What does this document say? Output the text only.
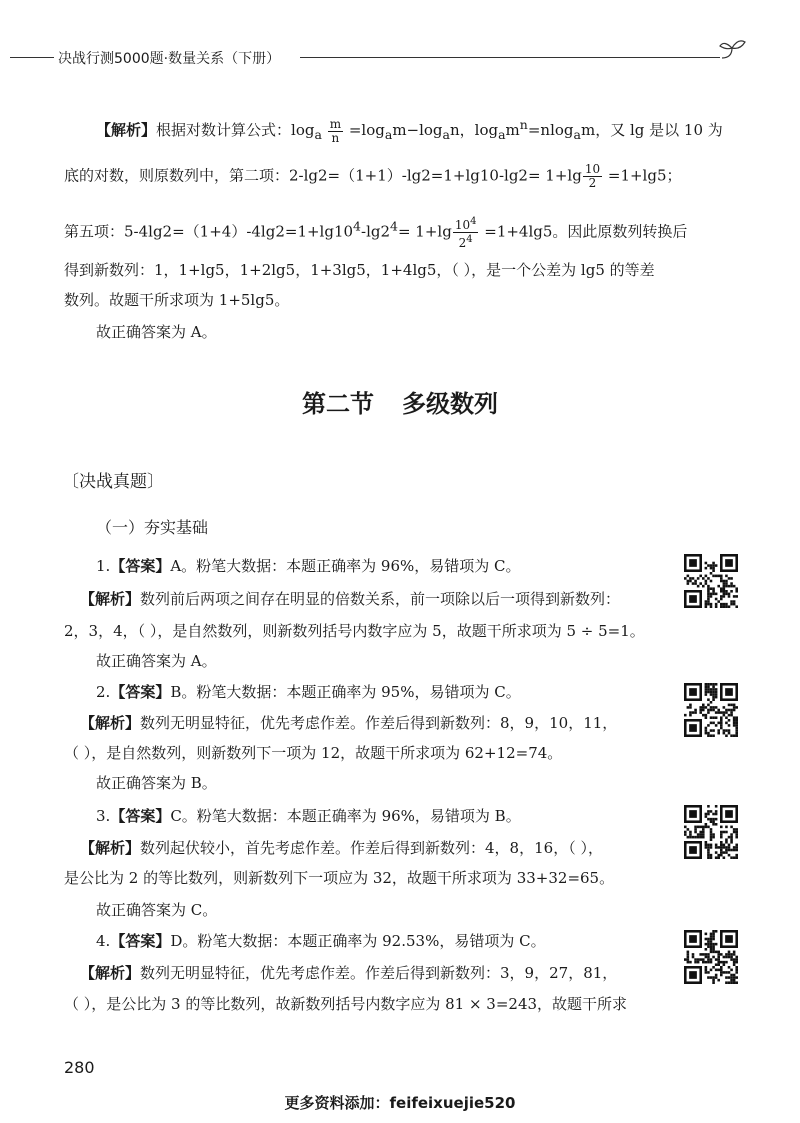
决战行测5000题·数量关系（下册）
【解析】根据对数计算公式：$\log_a \frac{m}{n} =\log_am-\log_an$，$\log_am^n=nlog_am$，又 lg 是以 10 为
底的对数，则原数列中，第二项：$2-\lg 2=(1+1)-\lg 2=1+\lg 10-\lg 2= 1+\lg \frac{10}{2} =1+\lg 5$；
第五项：$5-4\lg 2=(1+4)-4\lg 2=1+\lg 10^4-\lg 2^4= 1+\lg \frac{10^4}{2^4} =1+4\lg 5$。因此原数列转换后
得到新数列：1，1+lg5，1+2lg5，1+3lg5，1+4lg5，（ ），是一个公差为 lg5 的等差
数列。故题干所求项为 1+5lg5。
故正确答案为 A。
第二节 多级数列
〔决战真题〕
（一）夯实基础
1.【答案】A。粉笔大数据：本题正确率为 96%，易错项为 C。
【解析】数列前后两项之间存在明显的倍数关系，前一项除以后一项得到新数列：
2，3，4，（ ），是自然数列，则新数列括号内数字应为 5，故题干所求项为 5 ÷ 5=1。
故正确答案为 A。
2.【答案】B。粉笔大数据：本题正确率为 95%，易错项为 C。
【解析】数列无明显特征，优先考虑作差。作差后得到新数列：8，9，10，11，
（ ），是自然数列，则新数列下一项为 12，故题干所求项为 62+12=74。
故正确答案为 B。
3.【答案】C。粉笔大数据：本题正确率为 96%，易错项为 B。
【解析】数列起伏较小，首先考虑作差。作差后得到新数列：4，8，16，（ ），
是公比为 2 的等比数列，则新数列下一项应为 32，故题干所求项为 33+32=65。
故正确答案为 C。
4.【答案】D。粉笔大数据：本题正确率为 92.53%，易错项为 C。
【解析】数列无明显特征，优先考虑作差。作差后得到新数列：3，9，27，81，
（ ），是公比为 3 的等比数列，故新数列括号内数字应为 81 × 3=243，故题干所求
280
更多资料添加：feifeixuejie520
